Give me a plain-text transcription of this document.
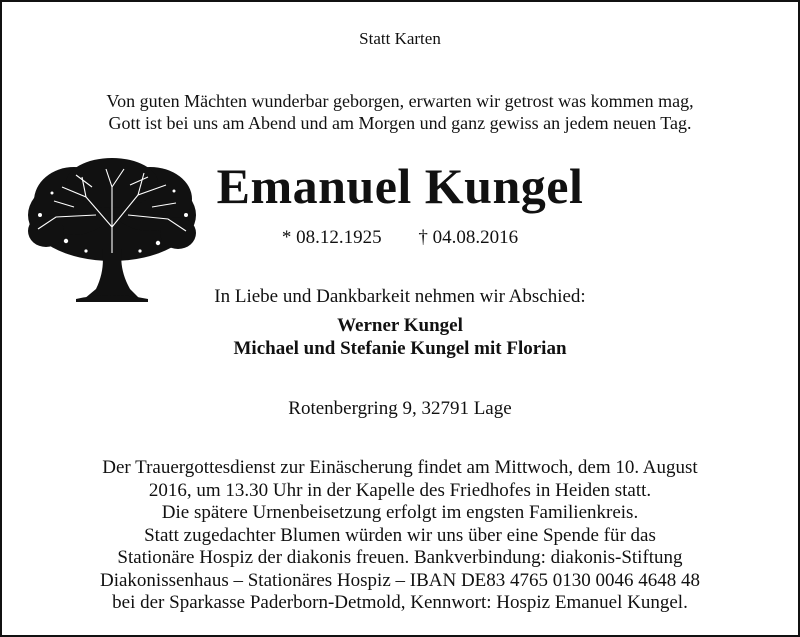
Statt Karten
Von guten Mächten wunderbar geborgen, erwarten wir getrost was kommen mag,
Gott ist bei uns am Abend und am Morgen und ganz gewiss an jedem neuen Tag.
Emanuel Kungel
* 08.12.1925 † 04.08.2016
In Liebe und Dankbarkeit nehmen wir Abschied:
Werner Kungel
Michael und Stefanie Kungel mit Florian
Rotenbergring 9, 32791 Lage
Der Trauergottesdienst zur Einäscherung findet am Mittwoch, dem 10. August
2016, um 13.30 Uhr in der Kapelle des Friedhofes in Heiden statt.
Die spätere Urnenbeisetzung erfolgt im engsten Familienkreis.
Statt zugedachter Blumen würden wir uns über eine Spende für das
Stationäre Hospiz der diakonis freuen. Bankverbindung: diakonis-Stiftung
Diakonissenhaus – Stationäres Hospiz – IBAN DE83 4765 0130 0046 4648 48
bei der Sparkasse Paderborn-Detmold, Kennwort: Hospiz Emanuel Kungel.
